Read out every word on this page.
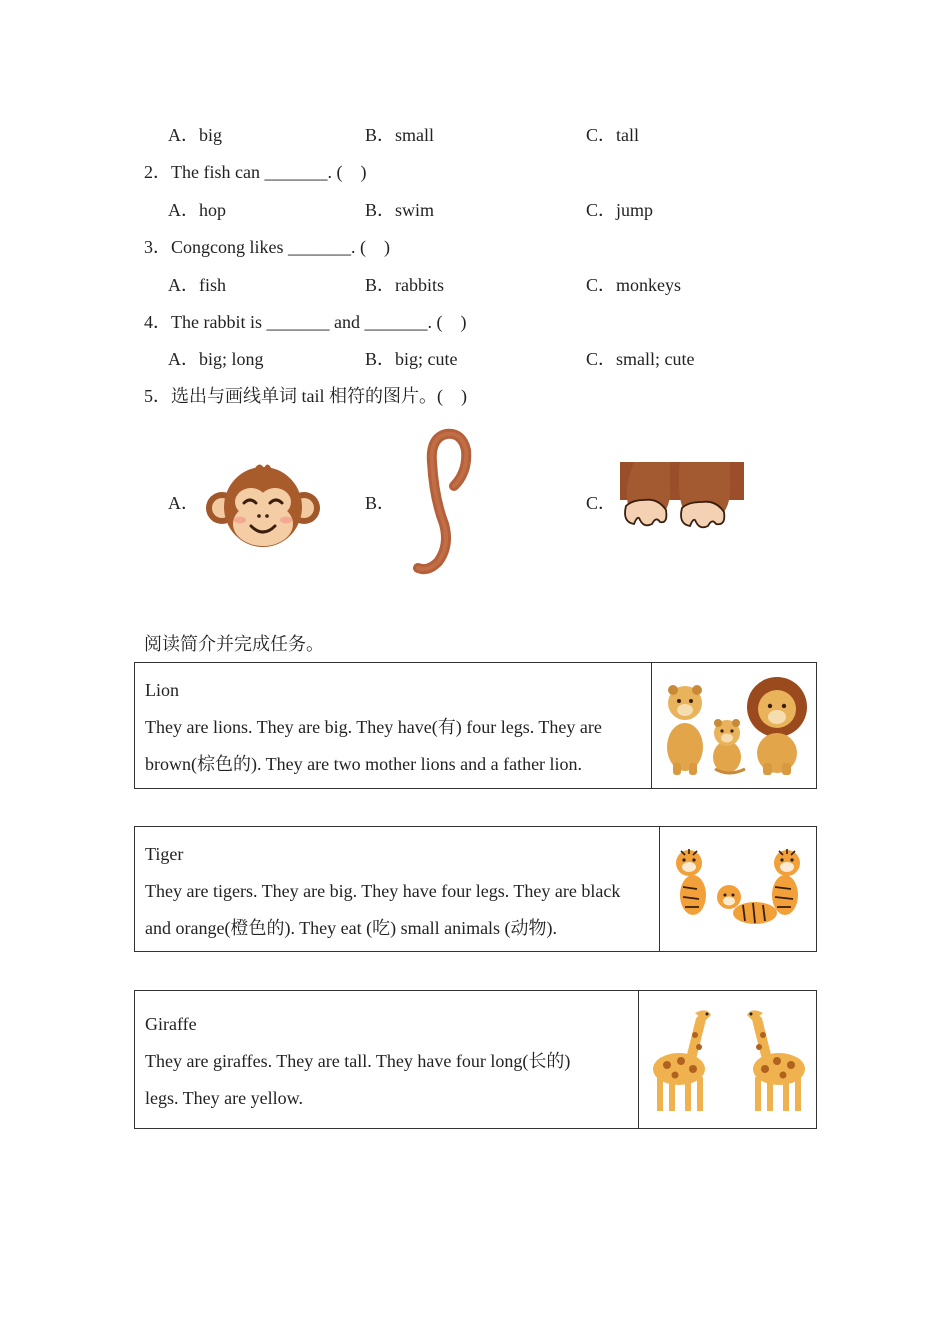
A．big	B．small	C．tall
2．The fish can _______. (　)
A．hop	B．swim	C．jump
3．Congcong likes _______. (　)
A．fish	B．rabbits	C．monkeys
4．The rabbit is _______ and _______. (　)
A．big; long	B．big; cute	C．small; cute
5．选出与画线单词 tail 相符的图片。(　)
A．	B．	C．
阅读简介并完成任务。
Lion
They are lions. They are big. They have(有) four legs. They are
brown(棕色的). They are two mother lions and a father lion.
Tiger
They are tigers. They are big. They have four legs. They are black
and orange(橙色的). They eat (吃) small animals (动物).
Giraffe
They are giraffes. They are tall. They have four long(长的)
legs. They are yellow.
